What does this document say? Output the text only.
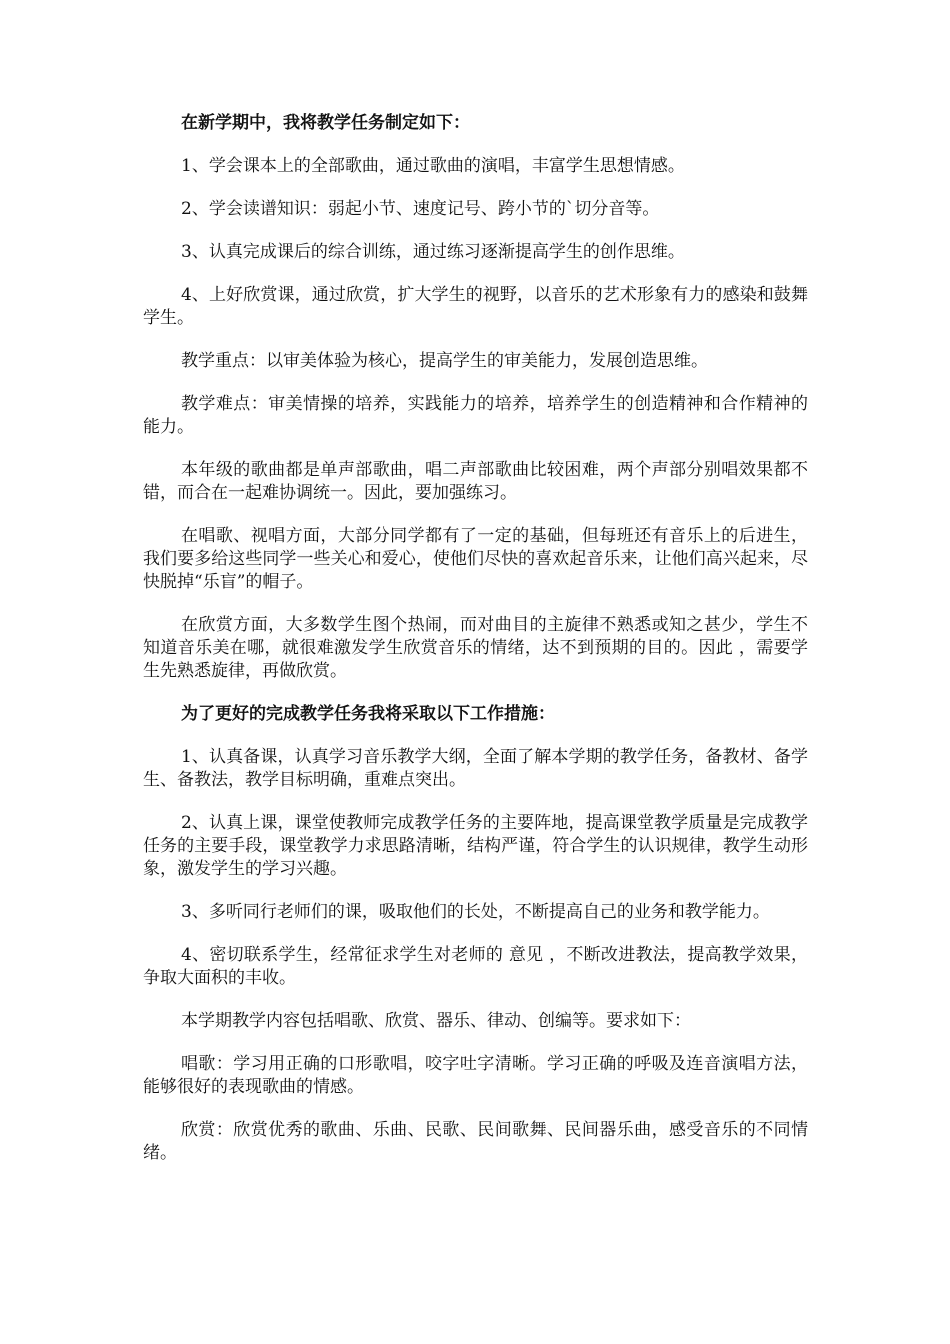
在新学期中，我将教学任务制定如下：

1、学会课本上的全部歌曲，通过歌曲的演唱，丰富学生思想情感。

2、学会读谱知识：弱起小节、速度记号、跨小节的`切分音等。

3、认真完成课后的综合训练，通过练习逐渐提高学生的创作思维。

4、上好欣赏课，通过欣赏，扩大学生的视野，以音乐的艺术形象有力的感染和鼓舞学生。

教学重点：以审美体验为核心，提高学生的审美能力，发展创造思维。

教学难点：审美情操的培养，实践能力的培养，培养学生的创造精神和合作精神的能力。

本年级的歌曲都是单声部歌曲，唱二声部歌曲比较困难，两个声部分别唱效果都不错，而合在一起难协调统一。因此，要加强练习。

在唱歌、视唱方面，大部分同学都有了一定的基础，但每班还有音乐上的后进生，我们要多给这些同学一些关心和爱心，使他们尽快的喜欢起音乐来，让他们高兴起来，尽快脱掉“乐盲”的帽子。

在欣赏方面，大多数学生图个热闹，而对曲目的主旋律不熟悉或知之甚少，学生不知道音乐美在哪，就很难激发学生欣赏音乐的情绪，达不到预期的目的。因此 ，需要学生先熟悉旋律，再做欣赏。

为了更好的完成教学任务我将采取以下工作措施：

1、认真备课，认真学习音乐教学大纲，全面了解本学期的教学任务，备教材、备学生、备教法，教学目标明确，重难点突出。

2、认真上课，课堂使教师完成教学任务的主要阵地，提高课堂教学质量是完成教学任务的主要手段，课堂教学力求思路清晰，结构严谨，符合学生的认识规律，教学生动形象，激发学生的学习兴趣。

3、多听同行老师们的课，吸取他们的长处，不断提高自己的业务和教学能力。

4、密切联系学生，经常征求学生对老师的 意见 ，不断改进教法，提高教学效果，争取大面积的丰收。

本学期教学内容包括唱歌、欣赏、器乐、律动、创编等。要求如下：

唱歌：学习用正确的口形歌唱，咬字吐字清晰。学习正确的呼吸及连音演唱方法，能够很好的表现歌曲的情感。

欣赏：欣赏优秀的歌曲、乐曲、民歌、民间歌舞、民间器乐曲，感受音乐的不同情绪。
